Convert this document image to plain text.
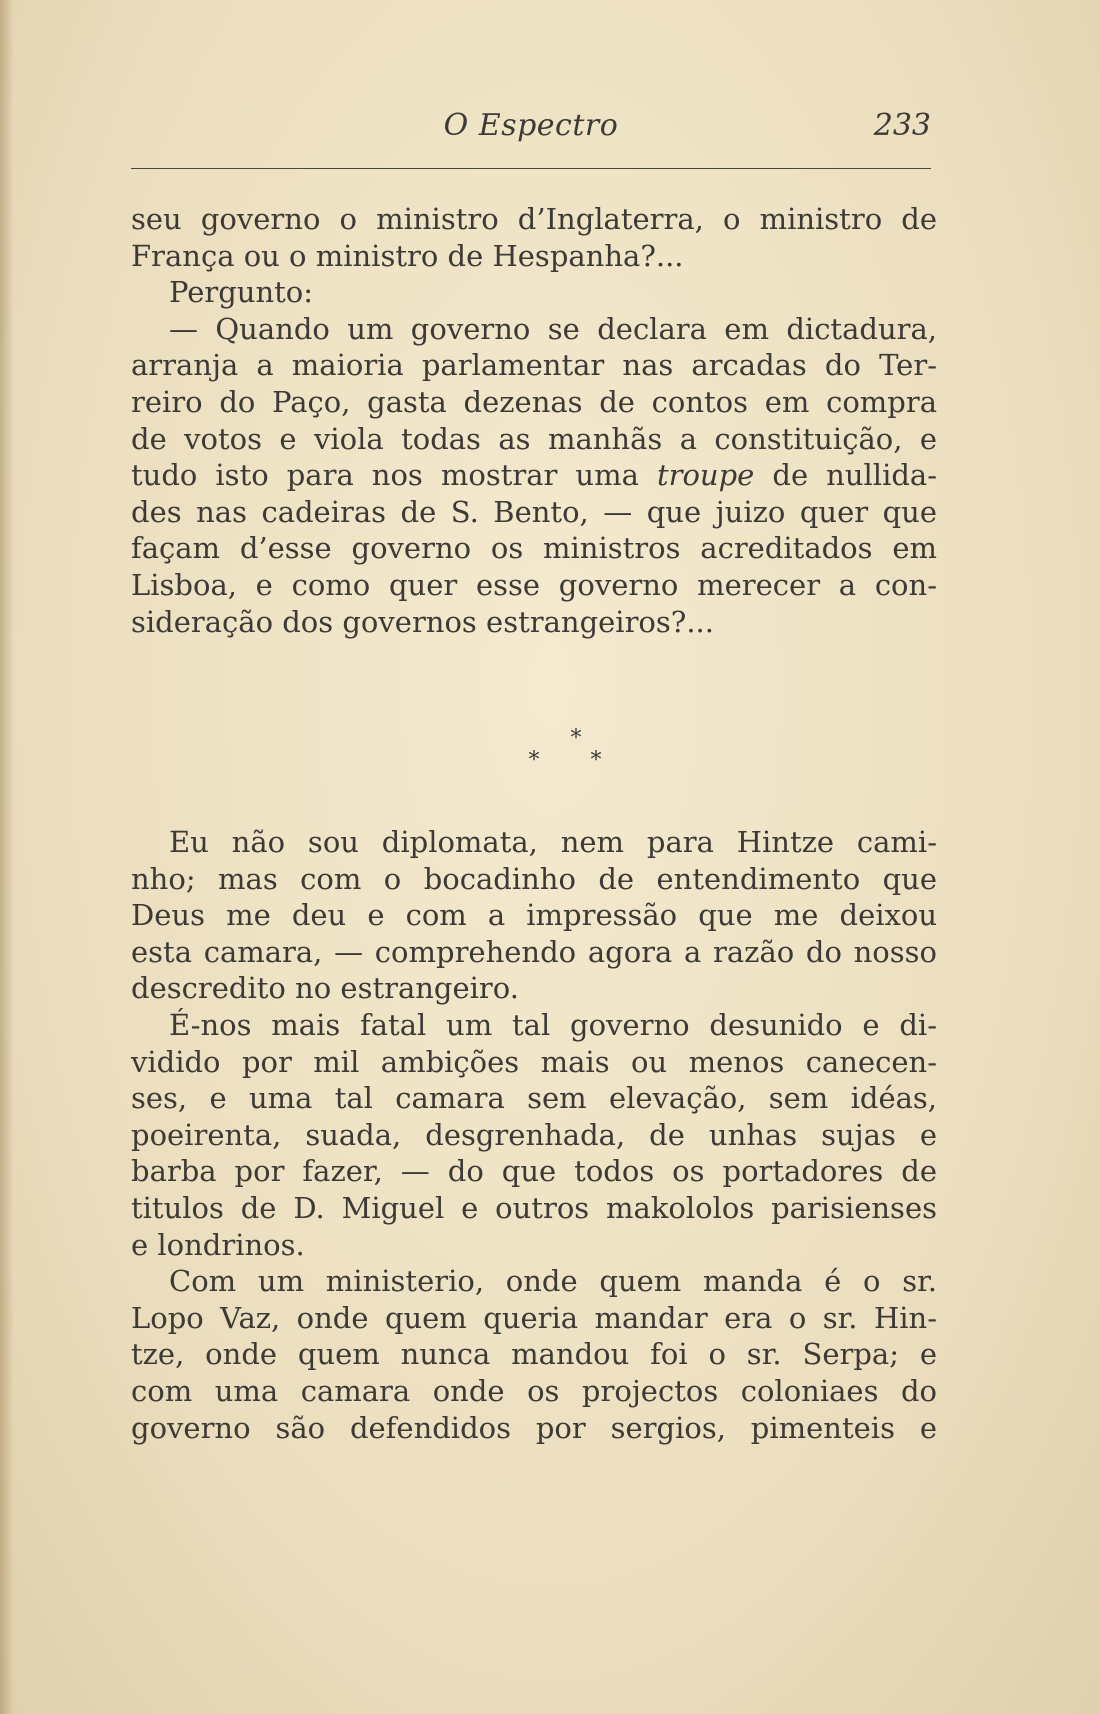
O Espectro	233
seu governo o ministro d’Inglaterra, o ministro de
França ou o ministro de Hespanha?...
Pergunto:
— Quando um governo se declara em dictadura,
arranja a maioria parlamentar nas arcadas do Ter-
reiro do Paço, gasta dezenas de contos em compra
de votos e viola todas as manhãs a constituição, e
tudo isto para nos mostrar uma troupe de nullida-
des nas cadeiras de S. Bento, — que juizo quer que
façam d’esse governo os ministros acreditados em
Lisboa, e como quer esse governo merecer a con-
sideração dos governos estrangeiros?...
*
* *
Eu não sou diplomata, nem para Hintze cami-
nho; mas com o bocadinho de entendimento que
Deus me deu e com a impressão que me deixou
esta camara, — comprehendo agora a razão do nosso
descredito no estrangeiro.
É-nos mais fatal um tal governo desunido e di-
vidido por mil ambições mais ou menos canecen-
ses, e uma tal camara sem elevação, sem idéas,
poeirenta, suada, desgrenhada, de unhas sujas e
barba por fazer, — do que todos os portadores de
titulos de D. Miguel e outros makololos parisienses
e londrinos.
Com um ministerio, onde quem manda é o sr.
Lopo Vaz, onde quem queria mandar era o sr. Hin-
tze, onde quem nunca mandou foi o sr. Serpa; e
com uma camara onde os projectos coloniaes do
governo são defendidos por sergios, pimenteis e
